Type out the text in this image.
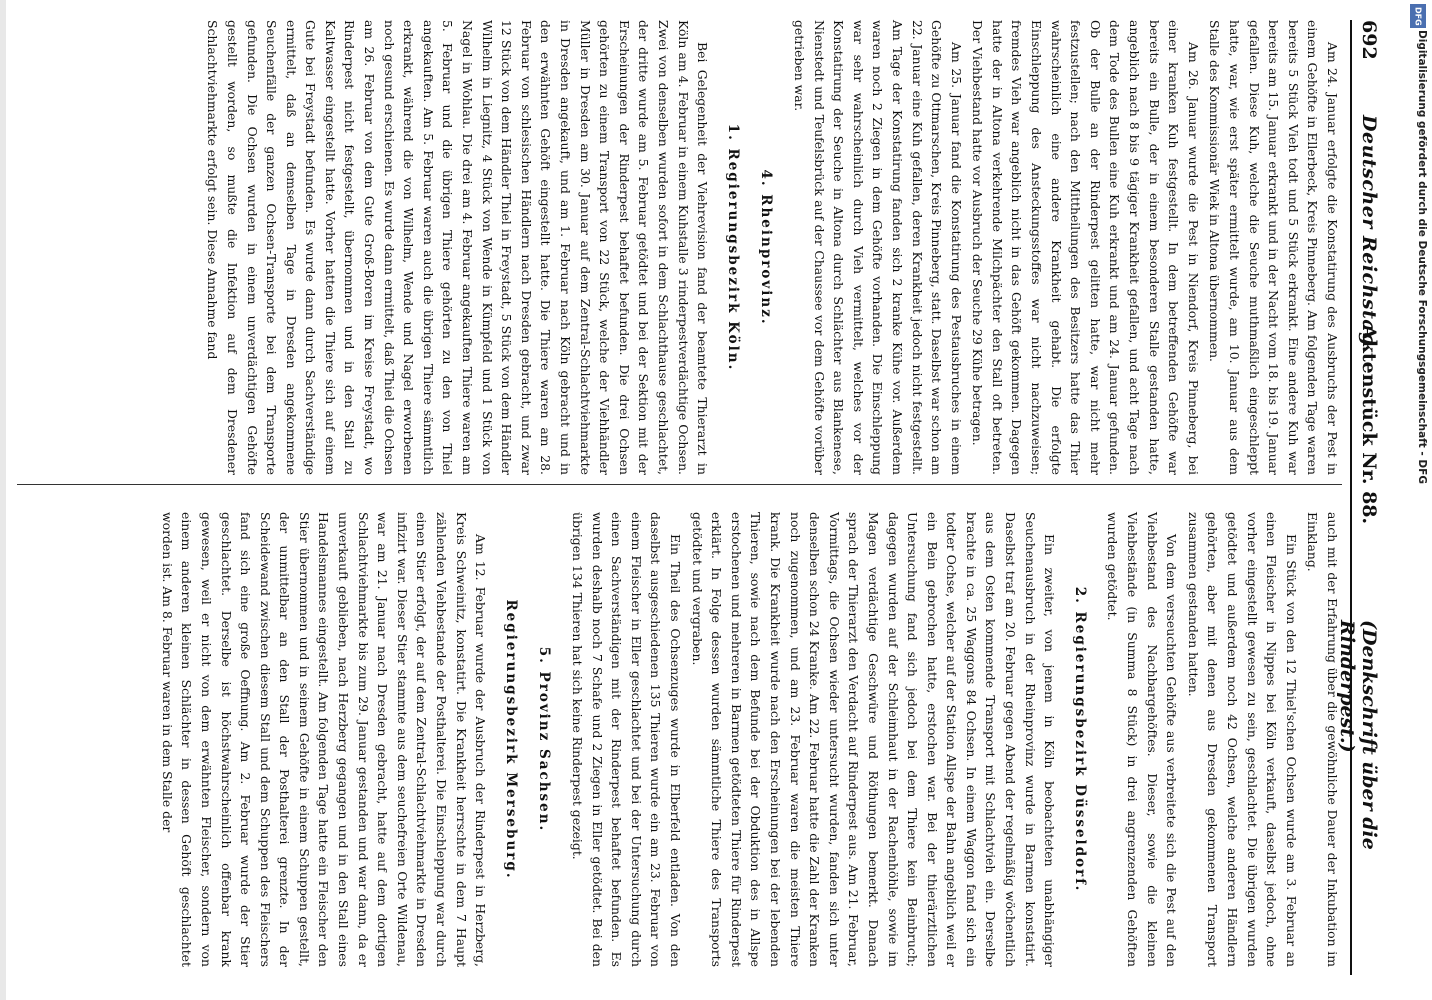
692
Deutscher Reichstag.
Aktenstück Nr. 88.
(Denkschrift über die Rinderpest.)

Am 24. Januar erfolgte die Konstatirung des Ausbruchs der Pest in einem Gehöfte in Ellerbeck, Kreis Pinneberg. Am folgenden Tage waren bereits 5 Stück Vieh todt und 5 Stück erkrankt. Eine andere Kuh war bereits am 15. Januar erkrankt und in der Nacht vom 18. bis 19. Januar gefallen. Diese Kuh, welche die Seuche muthmaßlich eingeschleppt hatte, war, wie erst später ermittelt wurde, am 10. Januar aus dem Stalle des Kommissionär Wiek in Altona übernommen.

Am 26. Januar wurde die Pest in Niendorf, Kreis Pinneberg, bei einer kranken Kuh festgestellt. In dem betreffenden Gehöfte war bereits ein Bulle, der in einem besonderen Stalle gestanden hatte, angeblich nach 8 bis 9 tägiger Krankheit gefallen, und acht Tage nach dem Tode des Bullen eine Kuh erkrankt und am 24. Januar gefunden. Ob der Bulle an der Rinderpest gelitten hatte, war nicht mehr festzustellen; nach den Mittheilungen des Besitzers hatte das Thier wahrscheinlich eine andere Krankheit gehabt. Die erfolgte Einschleppung des Ansteckungsstoffes war nicht nachzuweisen; fremdes Vieh war angeblich nicht in das Gehöft gekommen. Dagegen hatte der in Altona verkehrende Milchpächter den Stall oft betreten. Der Viehbestand hatte vor Ausbruch der Seuche 29 Kühe betragen.

Am 25. Januar fand die Konstatirung des Pestausbruches in einem Gehöfte zu Ottmarschen, Kreis Pinneberg, statt. Daselbst war schon am 22. Januar eine Kuh gefallen, deren Krankheit jedoch nicht festgestellt. Am Tage der Konstatirung fanden sich 2 kranke Kühe vor. Außerdem waren noch 2 Ziegen in dem Gehöfte vorhanden. Die Einschleppung war sehr wahrscheinlich durch Vieh vermittelt, welches vor der Konstatirung der Seuche in Altona durch Schlächter aus Blankenese, Nienstedt und Teufelsbrück auf der Chaussee vor dem Gehöfte vorüber getrieben war.

4. Rheinprovinz.
1. Regierungsbezirk Köln.

Bei Gelegenheit der Viehrevision fand der beamtete Thierarzt in Köln am 4. Februar in einem Kuhstalle 3 rinderpestverdächtige Ochsen. Zwei von denselben wurden sofort in dem Schlachthause geschlachtet, der dritte wurde am 5. Februar getödtet und bei der Sektion mit der Erscheinungen der Rinderpest behaftet befunden. Die drei Ochsen gehörten zu einem Transport von 22 Stück, welche der Viehhändler Müller in Dresden am 30. Januar auf dem Zentral-Schlachtviehmarkte in Dresden angekauft, und am 1. Februar nach Köln gebracht und in den erwähnten Gehöft eingestellt hatte. Die Thiere waren am 28. Februar von schlesischen Händlern nach Dresden gebracht, und zwar 12 Stück von dem Händler Thiel in Freystadt, 5 Stück von dem Händler Wilhelm in Liegnitz, 4 Stück von Wende in Kümpfeld und 1 Stück von Nagel in Wohlau. Die drei am 4. Februar angekauften Thiere waren am 5. Februar und die übrigen Thiere gehörten zu den von Thiel angekauften. Am 5. Februar waren auch die übrigen Thiere sämmtlich erkrankt, während die von Wilhelm, Wende und Nagel erworbenen noch gesund erschienen. Es wurde dann ermittelt, daß Thiel die Ochsen am 26. Februar von dem Gute Groß-Boren im Kreise Freystadt, wo Rinderpest nicht festgestellt, übernommen und in den Stall zu Kaltwasser eingestellt hatte. Vorher hatten die Thiere sich auf einem Gute bei Freystadt befunden. Es wurde dann durch Sachverständige ermittelt, daß an demselben Tage in Dresden angekommene Seuchenfälle der ganzen Ochsen-Transporte bei dem Transporte gefunden. Die Ochsen wurden in einem unverdächtigen Gehöfte gestellt worden, so mußte die Infektion auf dem Dresdener Schlachtviehmarkte erfolgt sein. Diese Annahme fand

auch mit der Erfahrung über die gewöhnliche Dauer der Inkubation im Einklang.

Ein Stück von den 12 Thiel'schen Ochsen wurde am 3. Februar an einen Fleischer in Nippes bei Köln verkauft, daselbst jedoch, ohne vorher eingestellt gewesen zu sein, geschlachtet. Die übrigen wurden getödtet und außerdem noch 42 Ochsen, welche anderen Händlern gehörten, aber mit denen aus Dresden gekommenen Transport zusammen gestanden hatten.

Von dem verseuchten Gehöfte aus verbreitete sich die Pest auf den Viehbestand des Nachbargehöftes. Dieser, sowie die kleinen Viehbestände (in Summa 8 Stück) in drei angrenzenden Gehöften wurden getödtet.

2. Regierungsbezirk Düsseldorf.

Ein zweiter, von jenem in Köln beobachteten unabhängiger Seuchenausbruch in der Rheinprovinz wurde in Barmen konstatirt. Daselbst traf am 20. Februar gegen Abend der regelmäßig wöchentlich aus dem Osten kommende Transport mit Schlachtvieh ein. Derselbe brachte in ca. 25 Waggons 84 Ochsen. In einem Waggon fand sich ein todter Ochse, welcher auf der Station Allspe der Bahn angeblich weil er ein Bein gebrochen hatte, erstochen war. Bei der thierärztlichen Untersuchung fand sich jedoch bei dem Thiere kein Beinbruch; dagegen wurden auf der Schleimhaut in der Rachenhöhle, sowie im Magen verdächtige Geschwüre und Röthungen bemerkt. Danach sprach der Thierarzt den Verdacht auf Rinderpest aus. Am 21. Februar, Vormittags, die Ochsen wieder untersucht wurden, fanden sich unter denselben schon 24 Kranke. Am 22. Februar hatte die Zahl der Kranken noch zugenommen, und am 23. Februar waren die meisten Thiere krank. Die Krankheit wurde nach den Erscheinungen bei der lebenden Thieren, sowie nach dem Befunde bei der Obduktion des in Allspe erstochenen und mehreren in Barmen getödteten Thiere für Rinderpest erklärt. In Folge dessen wurden sämmtliche Thiere des Transports getödtet und vergraben.

Ein Theil des Ochsenzuges wurde in Elberfeld entladen. Von den daselbst ausgeschiedenen 135 Thieren wurde ein am 23. Februar von einem Fleischer in Eller geschlachtet und bei der Untersuchung durch einen Sachverständigen mit der Rinderpest behaftet befunden. Es wurden deshalb noch 7 Schafe und 2 Ziegen in Eller getödtet. Bei den übrigen 134 Thieren hat sich keine Rinderpest gezeigt.

5. Provinz Sachsen.
Regierungsbezirk Merseburg.

Am 12. Februar wurde der Ausbruch der Rinderpest in Herzberg, Kreis Schweinitz, konstatirt. Die Krankheit herrschte in dem 7 Haupt zählenden Viehbestande der Posthalterei. Die Einschleppung war durch einen Stier erfolgt, der auf dem Zentral-Schlachtviehmarkte in Dresden infizirt war. Dieser Stier stammte aus dem seuchefreien Orte Wildenau, war am 21. Januar nach Dresden gebracht, hatte auf dem dortigen Schlachtviehmarkte bis zum 29. Januar gestanden und war dann, da er unverkauft geblieben, nach Herzberg gegangen und in den Stall eines Handelsmannes eingestellt. Am folgenden Tage hatte ein Fleischer den Stier übernommen und in seinem Gehöfte in einem Schuppen gestellt, der unmittelbar an den Stall der Posthalterei grenzte. In der Scheidewand zwischen diesem Stall und dem Schuppen des Fleischers fand sich eine große Oeffnung. Am 2. Februar wurde der Stier geschlachtet. Derselbe ist höchstwahrscheinlich offenbar krank gewesen, weil er nicht von dem erwähnten Fleischer, sondern von einem anderen kleinen Schlächter in dessen Gehöft geschlachtet worden ist. Am 8. Februar waren in dem Stalle der

Digitalisierung gefördert durch die Deutsche Forschungsgemeinschaft - DFG
DFG
